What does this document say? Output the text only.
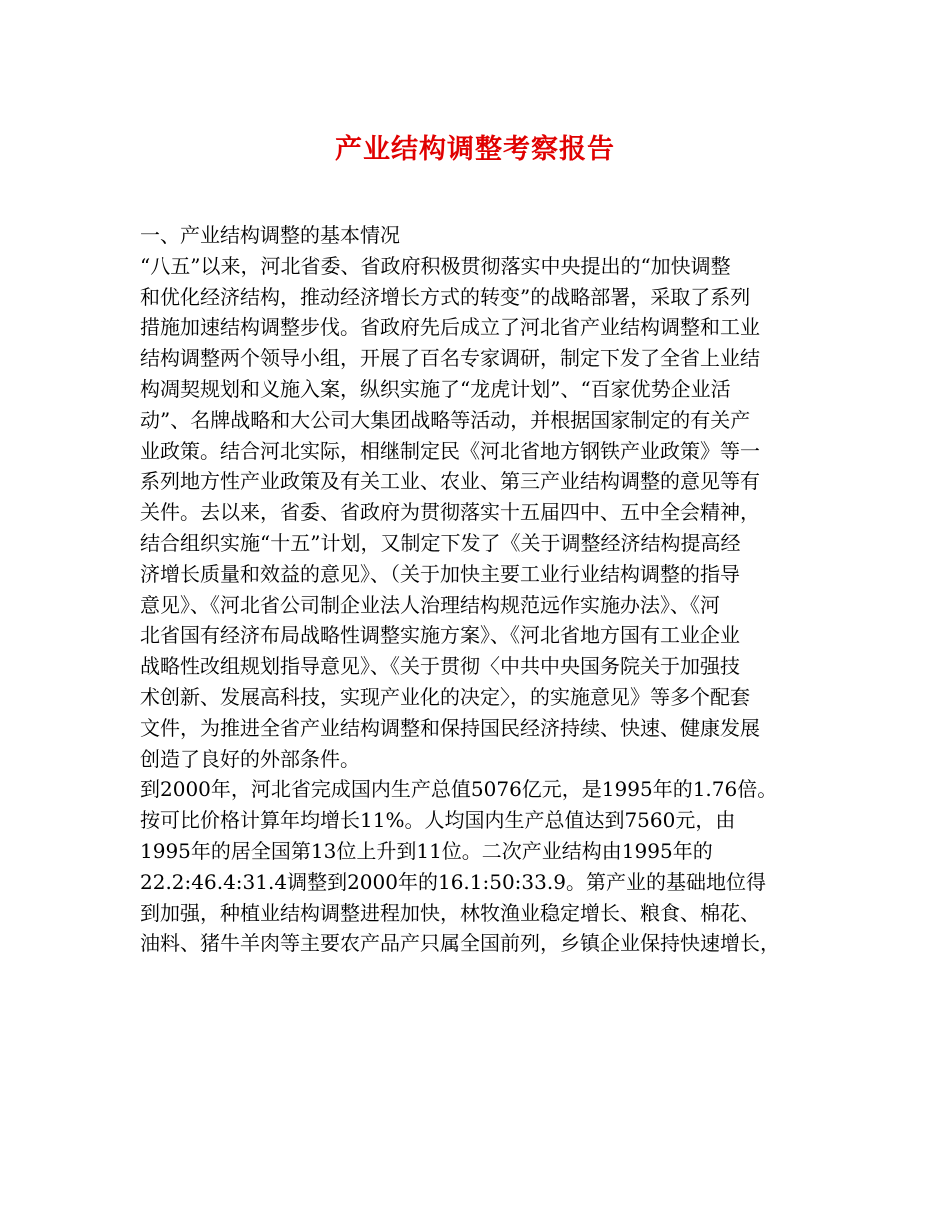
产业结构调整考察报告
一、产业结构调整的基本情况
“八五”以来，河北省委、省政府积极贯彻落实中央提出的“加快调整
和优化经济结构，推动经济增长方式的转变”的战略部署，采取了系列
措施加速结构调整步伐。省政府先后成立了河北省产业结构调整和工业
结构调整两个领导小组，开展了百名专家调研，制定下发了全省上业结
构凋契规划和义施入案，纵织实施了“龙虎计划”、“百家优势企业活
动”、名牌战略和大公司大集团战略等活动，并根据国家制定的有关产
业政策。结合河北实际，相继制定民《河北省地方钢铁产业政策》等一
系列地方性产业政策及有关工业、农业、第三产业结构调整的意见等有
关件。去以来，省委、省政府为贯彻落实十五届四中、五中全会精神，
结合组织实施“十五”计划，又制定下发了《关于调整经济结构提高经
济增长质量和效益的意见》、（关于加快主要工业行业结构调整的指导
意见》、《河北省公司制企业法人治理结构规范远作实施办法》、《河
北省国有经济布局战略性调整实施方案》、《河北省地方国有工业企业
战略性改组规划指导意见》、《关于贯彻〈中共中央国务院关于加强技
术创新、发展高科技，实现产业化的决定〉，的实施意见》等多个配套
文件，为推进全省产业结构调整和保持国民经济持续、快速、健康发展
创造了良好的外部条件。
到2000年，河北省完成国内生产总值5076亿元，是1995年的1.76倍。
按可比价格计算年均增长11%。人均国内生产总值达到7560元，由
1995年的居全国第13位上升到11位。二次产业结构由1995年的
22.2:46.4:31.4调整到2000年的16.1:50:33.9。第产业的基础地位得
到加强，种植业结构调整进程加快，林牧渔业稳定增长、粮食、棉花、
油料、猪牛羊肉等主要农产品产只属全国前列，乡镇企业保持快速增长，
